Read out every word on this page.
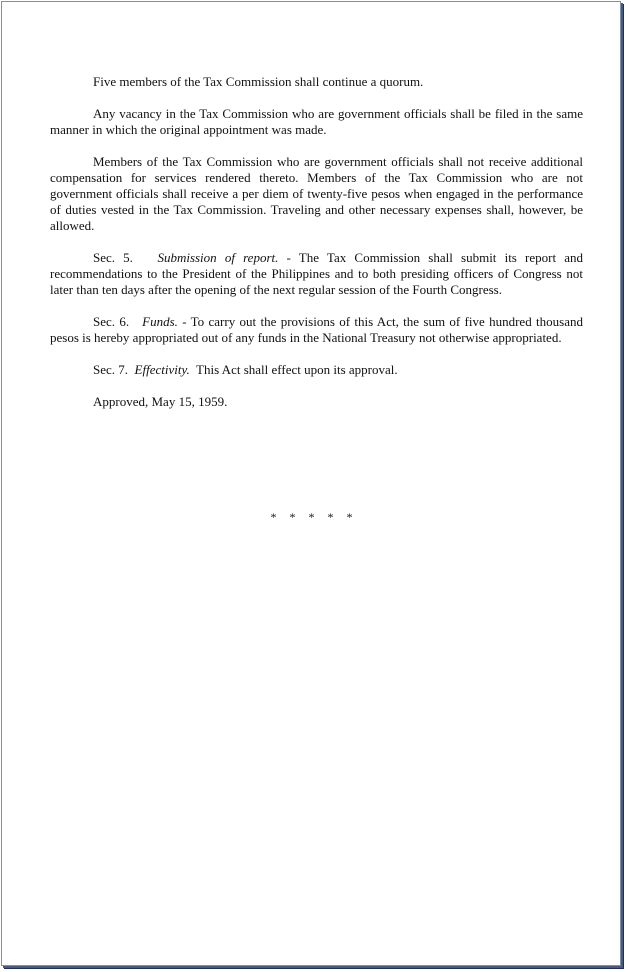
Five members of the Tax Commission shall continue a quorum.

Any vacancy in the Tax Commission who are government officials shall be filed in the same manner in which the original appointment was made.

Members of the Tax Commission who are government officials shall not receive additional compensation for services rendered thereto. Members of the Tax Commission who are not government officials shall receive a per diem of twenty-five pesos when engaged in the performance of duties vested in the Tax Commission. Traveling and other necessary expenses shall, however, be allowed.

Sec. 5. Submission of report. - The Tax Commission shall submit its report and recommendations to the President of the Philippines and to both presiding officers of Congress not later than ten days after the opening of the next regular session of the Fourth Congress.

Sec. 6. Funds. - To carry out the provisions of this Act, the sum of five hundred thousand pesos is hereby appropriated out of any funds in the National Treasury not otherwise appropriated.

Sec. 7. Effectivity. This Act shall effect upon its approval.

Approved, May 15, 1959.

* * * * *
